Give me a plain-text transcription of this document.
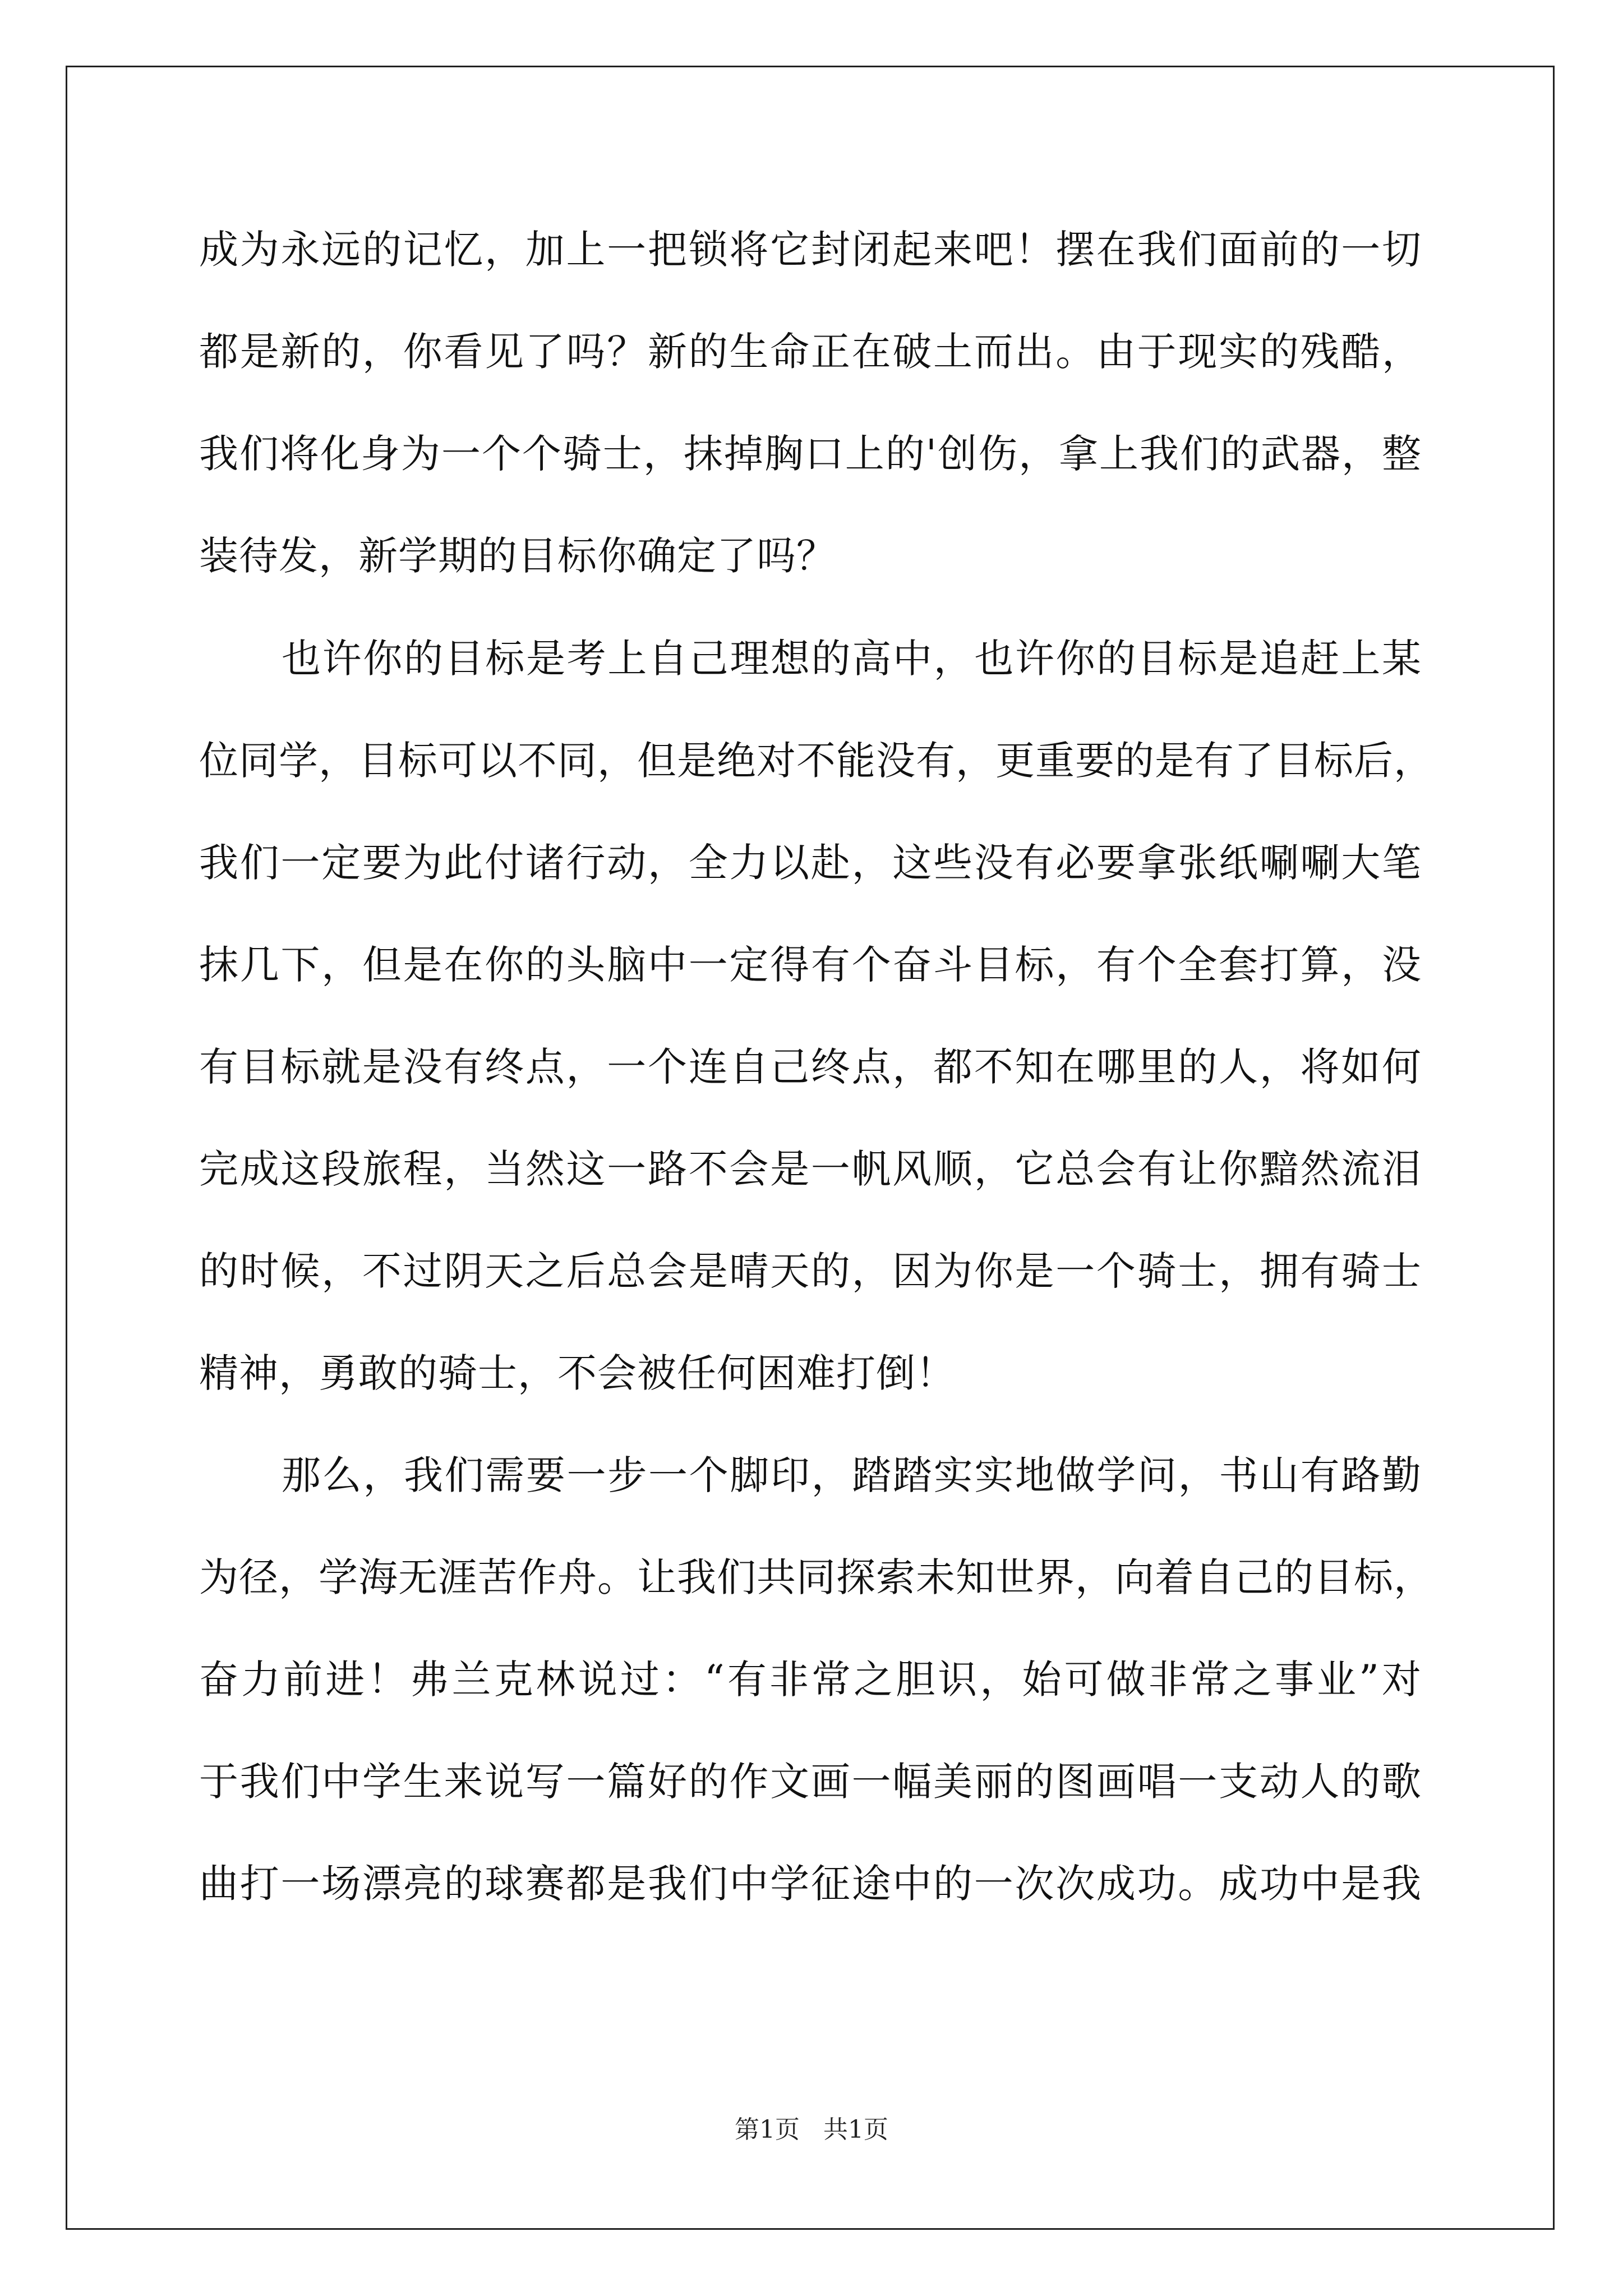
成为永远的记忆，加上一把锁将它封闭起来吧！摆在我们面前的一切
都是新的，你看见了吗？新的生命正在破土而出。由于现实的残酷，
我们将化身为一个个骑士，抹掉胸口上的'创伤，拿上我们的武器，整
装待发，新学期的目标你确定了吗？
也许你的目标是考上自己理想的高中，也许你的目标是追赶上某
位同学，目标可以不同，但是绝对不能没有，更重要的是有了目标后，
我们一定要为此付诸行动，全力以赴，这些没有必要拿张纸唰唰大笔
抹几下，但是在你的头脑中一定得有个奋斗目标，有个全套打算，没
有目标就是没有终点，一个连自己终点，都不知在哪里的人，将如何
完成这段旅程，当然这一路不会是一帆风顺，它总会有让你黯然流泪
的时候，不过阴天之后总会是晴天的，因为你是一个骑士，拥有骑士
精神，勇敢的骑士，不会被任何困难打倒！
那么，我们需要一步一个脚印，踏踏实实地做学问，书山有路勤
为径，学海无涯苦作舟。让我们共同探索未知世界，向着自己的目标，
奋力前进！弗兰克林说过：“有非常之胆识，始可做非常之事业”对
于我们中学生来说写一篇好的作文画一幅美丽的图画唱一支动人的歌
曲打一场漂亮的球赛都是我们中学征途中的一次次成功。成功中是我
第1页 共1页
